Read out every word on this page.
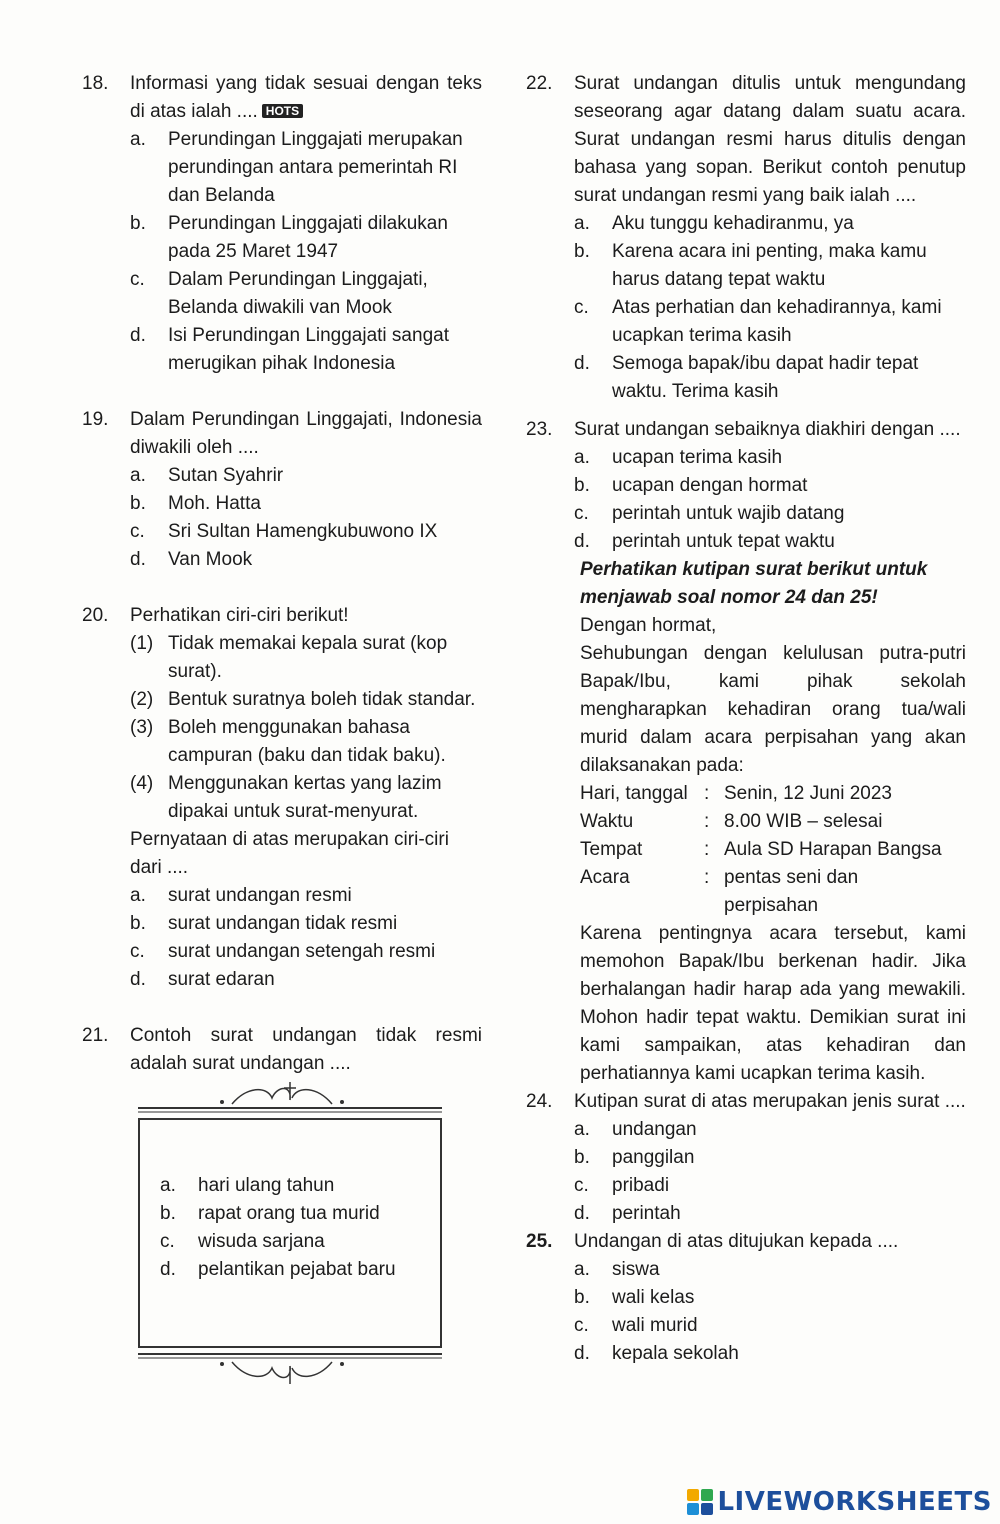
18.	Informasi yang tidak sesuai dengan teks di atas ialah .... HOTS
a.	Perundingan Linggajati merupakan perundingan antara pemerintah RI dan Belanda
b.	Perundingan Linggajati dilakukan pada 25 Maret 1947
c.	Dalam Perundingan Linggajati, Belanda diwakili van Mook
d.	Isi Perundingan Linggajati sangat merugikan pihak Indonesia
19.	Dalam Perundingan Linggajati, Indonesia diwakili oleh ....
a.	Sutan Syahrir
b.	Moh. Hatta
c.	Sri Sultan Hamengkubuwono IX
d.	Van Mook
20.	Perhatikan ciri-ciri berikut!
(1) Tidak memakai kepala surat (kop surat).
(2) Bentuk suratnya boleh tidak standar.
(3) Boleh menggunakan bahasa campuran (baku dan tidak baku).
(4) Menggunakan kertas yang lazim dipakai untuk surat-menyurat.
Pernyataan di atas merupakan ciri-ciri dari ....
a.	surat undangan resmi
b.	surat undangan tidak resmi
c.	surat undangan setengah resmi
d.	surat edaran
21.	Contoh surat undangan tidak resmi adalah surat undangan ....
a.	hari ulang tahun
b.	rapat orang tua murid
c.	wisuda sarjana
d.	pelantikan pejabat baru
22.	Surat undangan ditulis untuk mengundang seseorang agar datang dalam suatu acara. Surat undangan resmi harus ditulis dengan bahasa yang sopan. Berikut contoh penutup surat undangan resmi yang baik ialah ....
a.	Aku tunggu kehadiranmu, ya
b.	Karena acara ini penting, maka kamu harus datang tepat waktu
c.	Atas perhatian dan kehadirannya, kami ucapkan terima kasih
d.	Semoga bapak/ibu dapat hadir tepat waktu. Terima kasih
23.	Surat undangan sebaiknya diakhiri dengan ....
a.	ucapan terima kasih
b.	ucapan dengan hormat
c.	perintah untuk wajib datang
d.	perintah untuk tepat waktu
Perhatikan kutipan surat berikut untuk menjawab soal nomor 24 dan 25!
Dengan hormat,
Sehubungan dengan kelulusan putra-putri Bapak/Ibu, kami pihak sekolah mengharapkan kehadiran orang tua/wali murid dalam acara perpisahan yang akan dilaksanakan pada:
Hari, tanggal : Senin, 12 Juni 2023
Waktu	: 8.00 WIB – selesai
Tempat	: Aula SD Harapan Bangsa
Acara	: pentas seni dan perpisahan
Karena pentingnya acara tersebut, kami memohon Bapak/Ibu berkenan hadir. Jika berhalangan hadir harap ada yang mewakili. Mohon hadir tepat waktu. Demikian surat ini kami sampaikan, atas kehadiran dan perhatiannya kami ucapkan terima kasih.
24.	Kutipan surat di atas merupakan jenis surat ....
a.	undangan
b.	panggilan
c.	pribadi
d.	perintah
25.	Undangan di atas ditujukan kepada ....
a.	siswa
b.	wali kelas
c.	wali murid
d.	kepala sekolah
LIVEWORKSHEETS
